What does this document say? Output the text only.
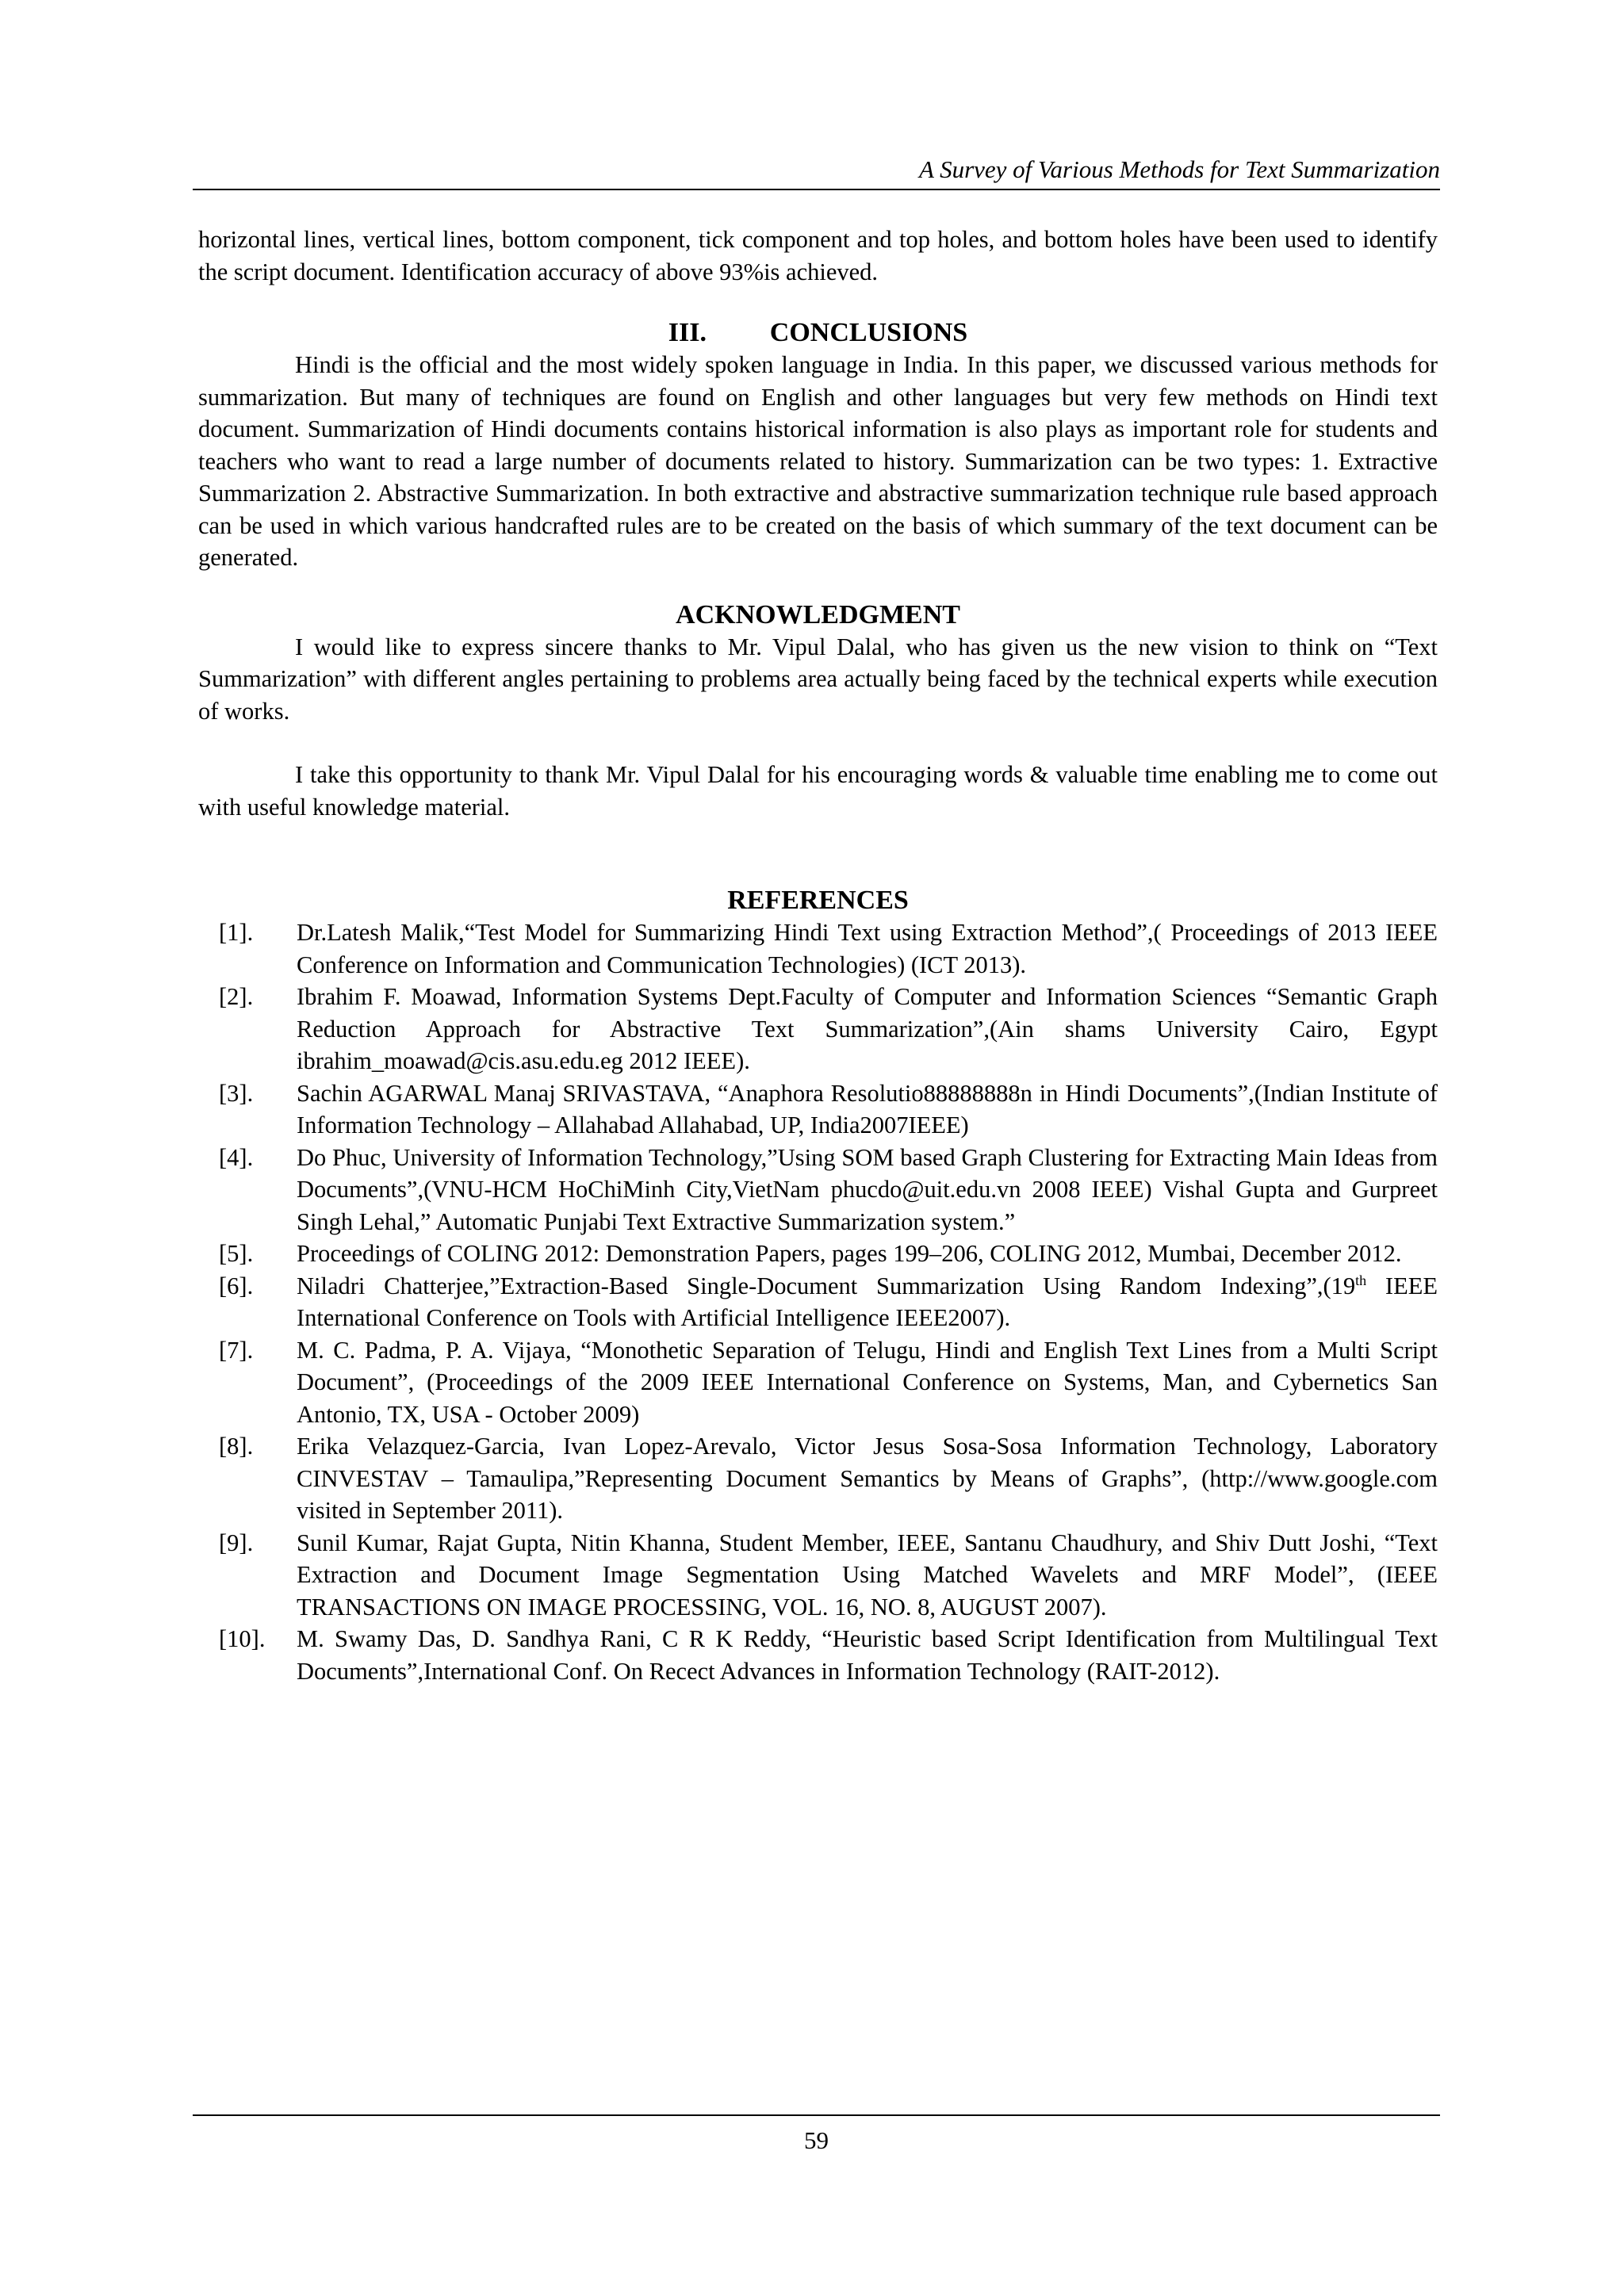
A Survey of Various Methods for Text Summarization

horizontal lines, vertical lines, bottom component, tick component and top holes, and bottom holes have been used to identify the script document. Identification accuracy of above 93%is achieved.

III. CONCLUSIONS

Hindi is the official and the most widely spoken language in India. In this paper, we discussed various methods for summarization. But many of techniques are found on English and other languages but very few methods on Hindi text document. Summarization of Hindi documents contains historical information is also plays as important role for students and teachers who want to read a large number of documents related to history. Summarization can be two types: 1. Extractive Summarization 2. Abstractive Summarization. In both extractive and abstractive summarization technique rule based approach can be used in which various handcrafted rules are to be created on the basis of which summary of the text document can be generated.

ACKNOWLEDGMENT

I would like to express sincere thanks to Mr. Vipul Dalal, who has given us the new vision to think on “Text Summarization” with different angles pertaining to problems area actually being faced by the technical experts while execution of works.

I take this opportunity to thank Mr. Vipul Dalal for his encouraging words & valuable time enabling me to come out with useful knowledge material.

REFERENCES
[1].	Dr.Latesh Malik,“Test Model for Summarizing Hindi Text using Extraction Method”,( Proceedings of 2013 IEEE Conference on Information and Communication Technologies) (ICT 2013).
[2].	Ibrahim F. Moawad, Information Systems Dept.Faculty of Computer and Information Sciences “Semantic Graph Reduction Approach for Abstractive Text Summarization”,(Ain shams University Cairo, Egypt ibrahim_moawad@cis.asu.edu.eg 2012 IEEE).
[3].	Sachin AGARWAL Manaj SRIVASTAVA, “Anaphora Resolutio88888888n in Hindi Documents”,(Indian Institute of Information Technology – Allahabad Allahabad, UP, India2007IEEE)
[4].	Do Phuc, University of Information Technology,”Using SOM based Graph Clustering for Extracting Main Ideas from Documents”,(VNU-HCM HoChiMinh City,VietNam phucdo@uit.edu.vn 2008 IEEE) Vishal Gupta and Gurpreet Singh Lehal,” Automatic Punjabi Text Extractive Summarization system.”
[5].	Proceedings of COLING 2012: Demonstration Papers, pages 199–206, COLING 2012, Mumbai, December 2012.
[6].	Niladri Chatterjee,”Extraction-Based Single-Document Summarization Using Random Indexing”,(19th IEEE International Conference on Tools with Artificial Intelligence IEEE2007).
[7].	M. C. Padma, P. A. Vijaya, “Monothetic Separation of Telugu, Hindi and English Text Lines from a Multi Script Document”, (Proceedings of the 2009 IEEE International Conference on Systems, Man, and Cybernetics San Antonio, TX, USA - October 2009)
[8].	Erika Velazquez-Garcia, Ivan Lopez-Arevalo, Victor Jesus Sosa-Sosa Information Technology, Laboratory CINVESTAV – Tamaulipa,”Representing Document Semantics by Means of Graphs”, (http://www.google.com visited in September 2011).
[9].	Sunil Kumar, Rajat Gupta, Nitin Khanna, Student Member, IEEE, Santanu Chaudhury, and Shiv Dutt Joshi, “Text Extraction and Document Image Segmentation Using Matched Wavelets and MRF Model”, (IEEE TRANSACTIONS ON IMAGE PROCESSING, VOL. 16, NO. 8, AUGUST 2007).
[10].	M. Swamy Das, D. Sandhya Rani, C R K Reddy, “Heuristic based Script Identification from Multilingual Text Documents”,International Conf. On Recect Advances in Information Technology (RAIT-2012).
59
